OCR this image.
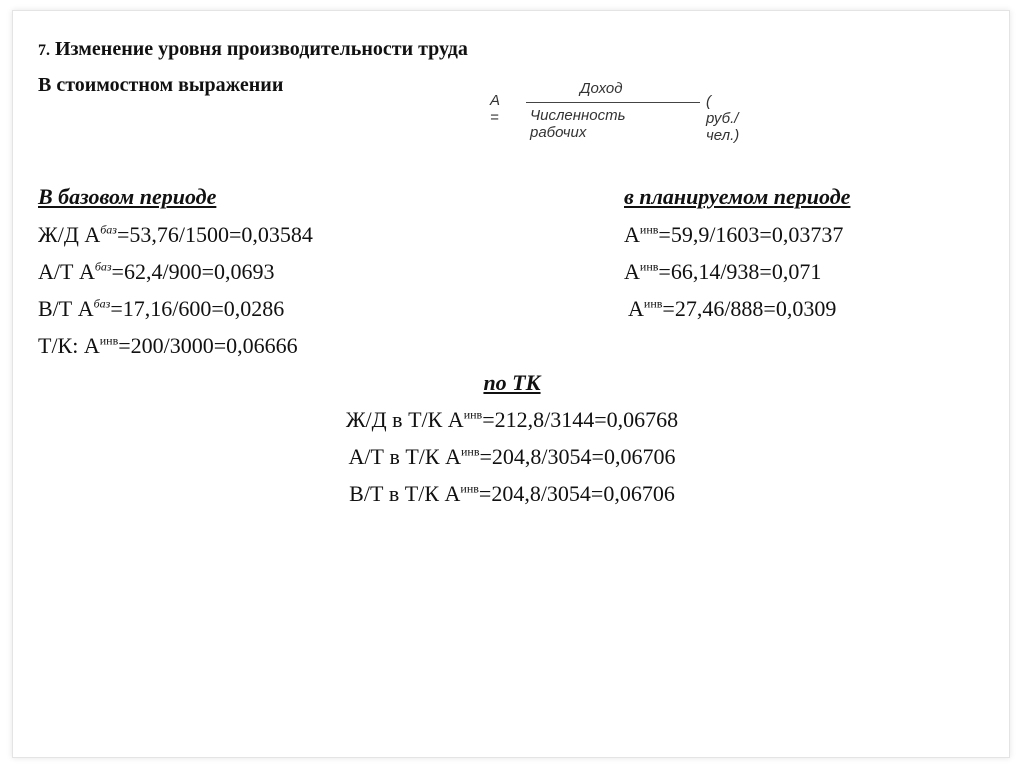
7. Изменение уровня производительности труда
В стоимостном выражении
А =
Доход
Численность рабочих
( руб./ чел.)
В базовом периоде	в планируемом периоде
Ж/Д $А^{баз}=53,76/1500=0,03584$
А/Т $А^{баз}=62,4/900=0,0693$
В/Т $А^{баз}=17,16/600=0,0286$
Т/К: $А^{инв}=200/3000=0,06666$
$А^{инв}=59,9/1603=0,03737$
$А^{инв}=66,14/938=0,071$
$А^{инв}=27,46/888=0,0309$
по ТК
Ж/Д в Т/К $А^{инв}=212,8/3144=0,06768$
А/Т в Т/К $А^{инв}=204,8/3054=0,06706$
В/Т в Т/К $А^{инв}=204,8/3054=0,06706$
